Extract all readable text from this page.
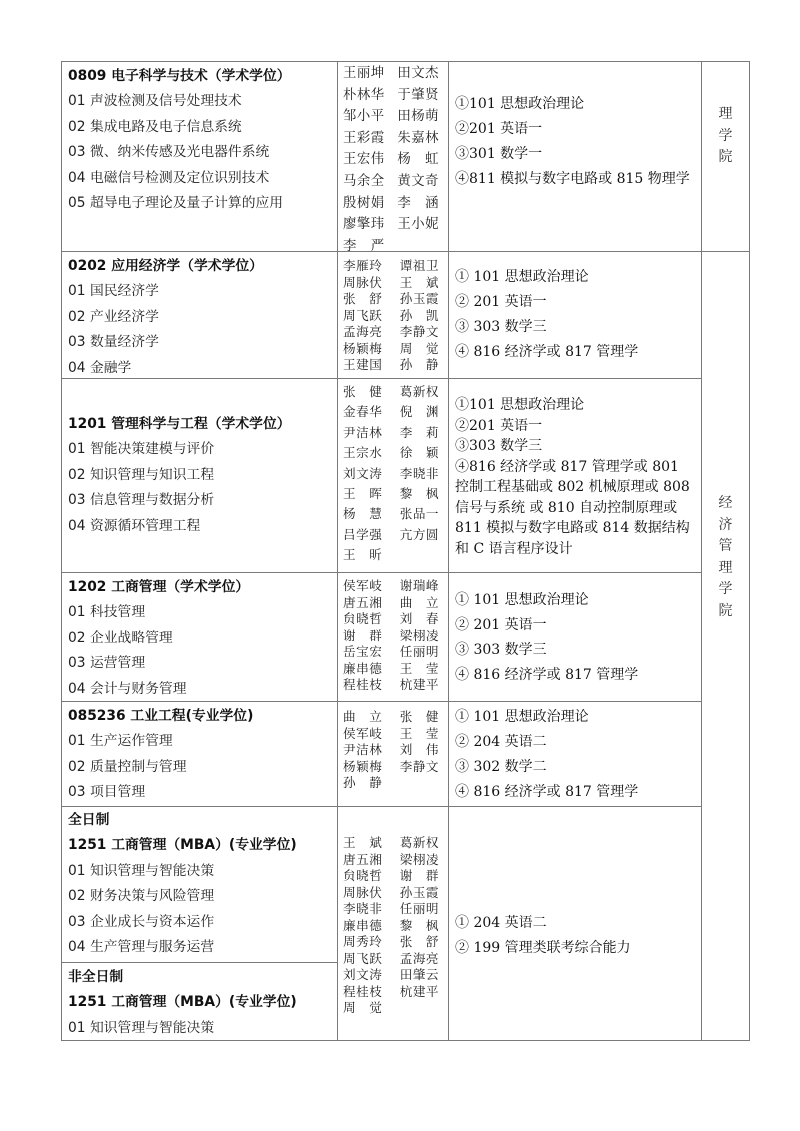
0809 电子科学与技术（学术学位）
01 声波检测及信号处理技术
02 集成电路及电子信息系统
03 微、纳米传感及光电器件系统
04 电磁信号检测及定位识别技术
05 超导电子理论及量子计算的应用
王丽坤 田文杰
朴林华 于肇贤
邹小平 田杨萌
王彩霞 朱嘉林
王宏伟 杨　虹
马余全 黄文奇
殷树娟 李　涵
廖擎玮 王小妮
李　严
①101 思想政治理论
②201 英语一
③301 数学一
④811 模拟与数字电路或 815 物理学
理
学
院
0202 应用经济学（学术学位）
01 国民经济学
02 产业经济学
03 数量经济学
04 金融学
李雁玲 谭祖卫
周脉伏 王　斌
张　舒 孙玉霞
周飞跃 孙　凯
孟海亮 李静文
杨颖梅 周　觉
王建国 孙　静
① 101 思想政治理论
② 201 英语一
③ 303 数学三
④ 816 经济学或 817 管理学
1201 管理科学与工程（学术学位）
01 智能决策建模与评价
02 知识管理与知识工程
03 信息管理与数据分析
04 资源循环管理工程
张　健 葛新权
金春华 倪　渊
尹洁林 李　莉
王宗水 徐　颖
刘文涛 李晓非
王　晖 黎　枫
杨　慧 张品一
吕学强 亢方圆
王　昕
①101 思想政治理论
②201 英语一
③303 数学三
④816 经济学或 817 管理学或 801 控制工程基础或 802 机械原理或 808 信号与系统 或 810 自动控制原理或 811 模拟与数字电路或 814 数据结构和 C 语言程序设计
1202 工商管理（学术学位）
01 科技管理
02 企业战略管理
03 运营管理
04 会计与财务管理
侯军岐 谢瑞峰
唐五湘 曲　立
贠晓哲 刘　春
谢　群 梁栩凌
岳宝宏 任丽明
廉串德 王　莹
程桂枝 杭建平
① 101 思想政治理论
② 201 英语一
③ 303 数学三
④ 816 经济学或 817 管理学
085236 工业工程(专业学位)
01 生产运作管理
02 质量控制与管理
03 项目管理
曲　立 张　健
侯军岐 王　莹
尹洁林 刘　伟
杨颖梅 李静文
孙　静
① 101 思想政治理论
② 204 英语二
③ 302 数学二
④ 816 经济学或 817 管理学
全日制
1251 工商管理（MBA）(专业学位)
01 知识管理与智能决策
02 财务决策与风险管理
03 企业成长与资本运作
04 生产管理与服务运营
非全日制
1251 工商管理（MBA）(专业学位)
01 知识管理与智能决策
王　斌 葛新权
唐五湘 梁栩凌
贠晓哲 谢　群
周脉伏 孙玉霞
李晓非 任丽明
廉串德 黎　枫
周秀玲 张　舒
周飞跃 孟海亮
刘文涛 田肇云
程桂枝 杭建平
周　觉
① 204 英语二
② 199 管理类联考综合能力
经
济
管
理
学
院
